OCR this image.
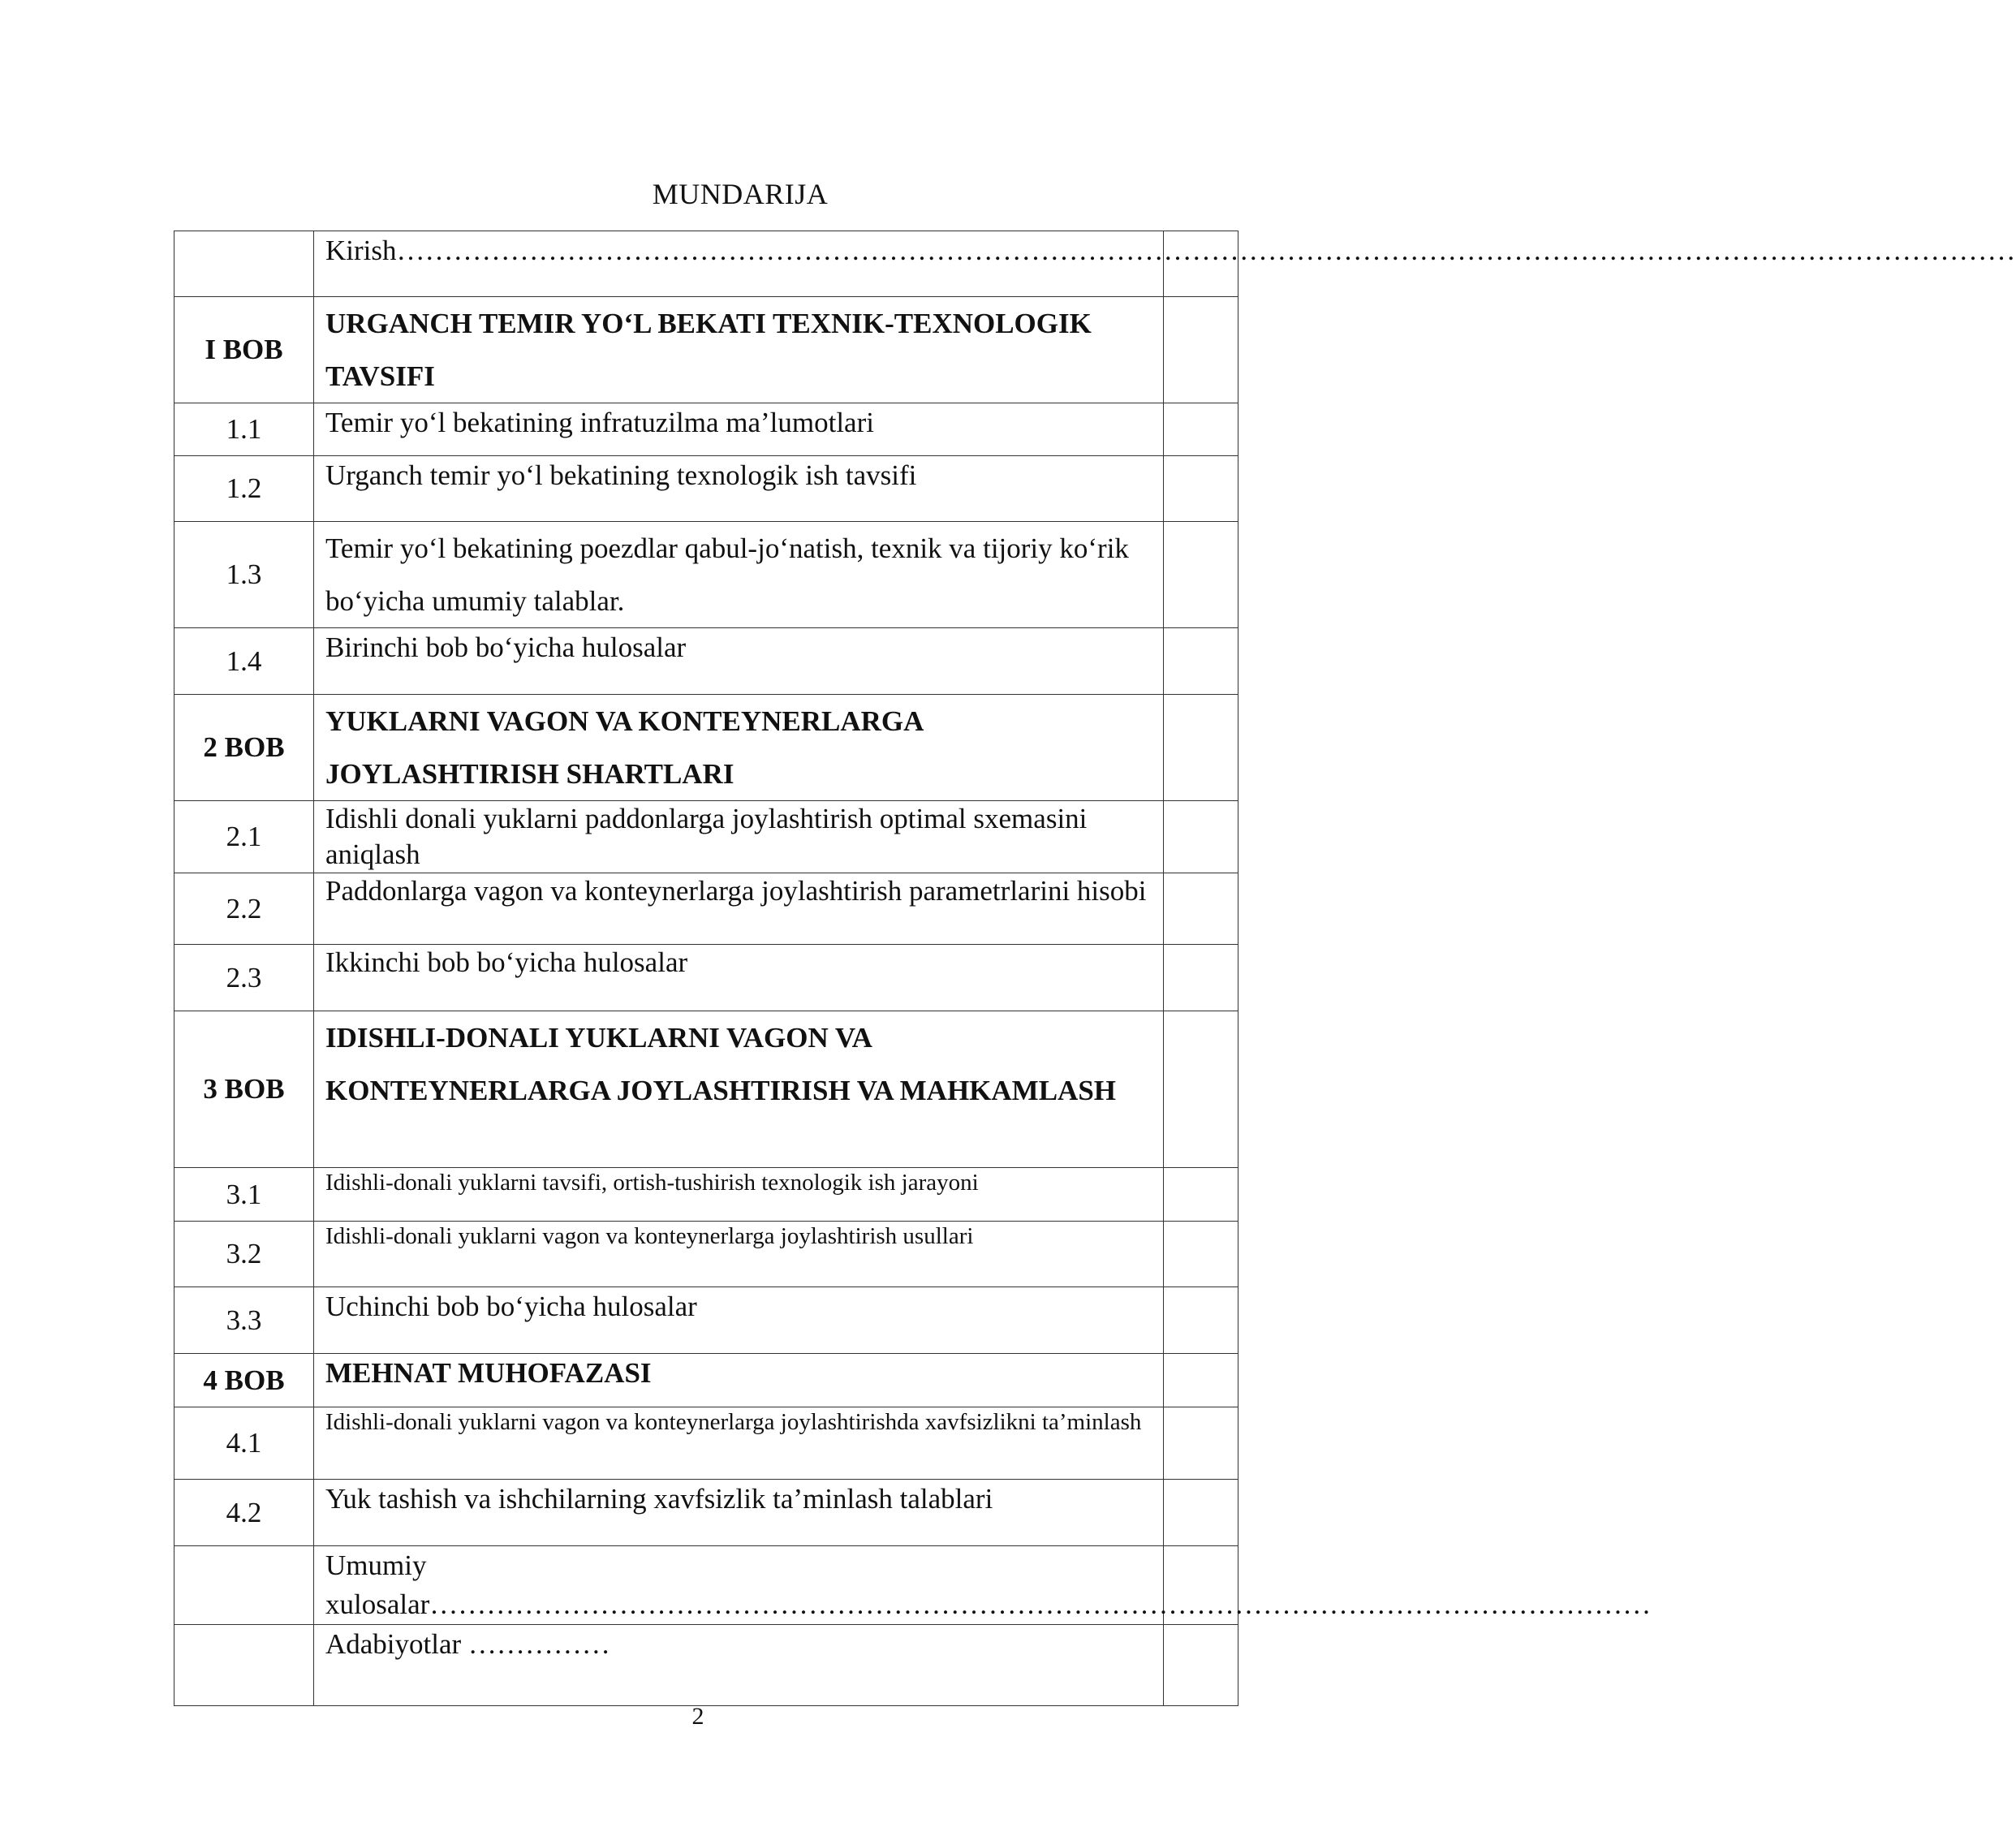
MUNDARIJA
	Kirish………………………………………………………………………………………………………………………………………………………	
I BOB	URGANCH TEMIR YO‘L BEKATI TEXNIK-TEXNOLOGIK TAVSIFI	
1.1	Temir yo‘l bekatining infratuzilma ma’lumotlari	
1.2	Urganch temir yo‘l bekatining texnologik ish tavsifi	
1.3	Temir yo‘l bekatining poezdlar qabul-jo‘natish, texnik va tijoriy ko‘rik bo‘yicha umumiy talablar.	
1.4	Birinchi bob bo‘yicha hulosalar	
2 BOB	YUKLARNI VAGON VA KONTEYNERLARGA JOYLASHTIRISH SHARTLARI	
2.1	Idishli donali yuklarni paddonlarga joylashtirish optimal sxemasini aniqlash	
2.2	Paddonlarga vagon va konteynerlarga joylashtirish parametrlarini hisobi	
2.3	Ikkinchi bob bo‘yicha hulosalar	
3 BOB	IDISHLI-DONALI YUKLARNI VAGON VA KONTEYNERLARGA JOYLASHTIRISH VA MAHKAMLASH	
3.1	Idishli-donali yuklarni tavsifi, ortish-tushirish texnologik ish jarayoni	
3.2	Idishli-donali yuklarni vagon va konteynerlarga joylashtirish usullari	
3.3	Uchinchi bob bo‘yicha hulosalar	
4 BOB	MEHNAT MUHOFAZASI	
4.1	Idishli-donali yuklarni vagon va konteynerlarga joylashtirishda xavfsizlikni ta’minlash	
4.2	Yuk tashish va ishchilarning xavfsizlik ta’minlash talablari	
	Umumiy xulosalar…………………………………………………………………………………………………………………	
	Adabiyotlar ……………	
2
